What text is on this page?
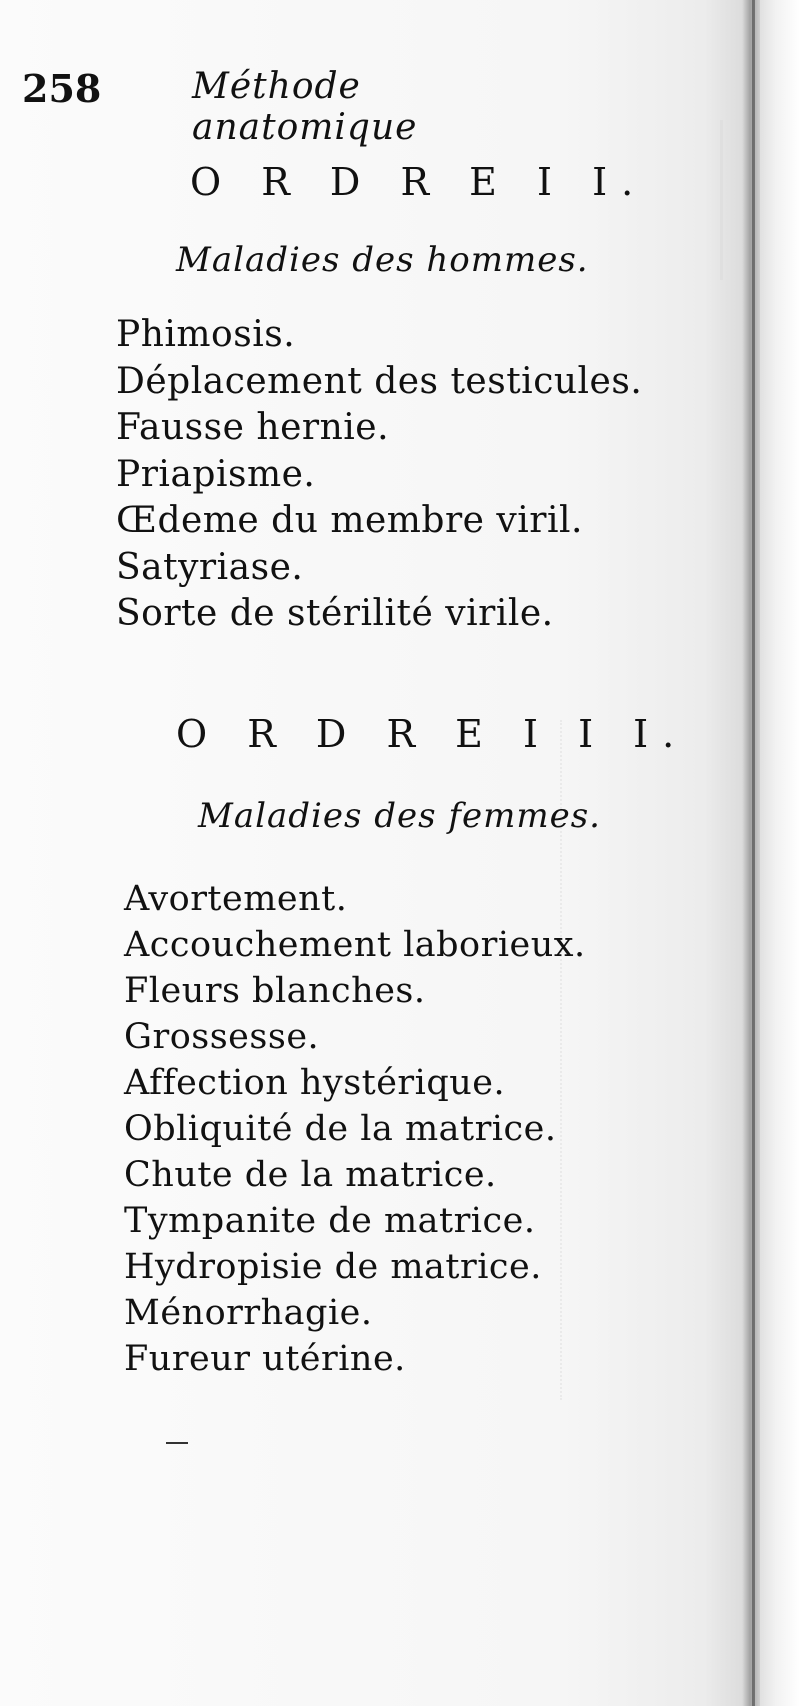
258	Méthode anatomique
O R D R E I I.
Maladies des hommes.
Phimosis.
Déplacement des testicules.
Fausse hernie.
Priapisme.
Œdeme du membre viril.
Satyriase.
Sorte de stérilité virile.
O R D R E I I I.
Maladies des femmes.
Avortement.
Accouchement laborieux.
Fleurs blanches.
Grossesse.
Affection hystérique.
Obliquité de la matrice.
Chute de la matrice.
Tympanite de matrice.
Hydropisie de matrice.
Ménorrhagie.
Fureur utérine.
